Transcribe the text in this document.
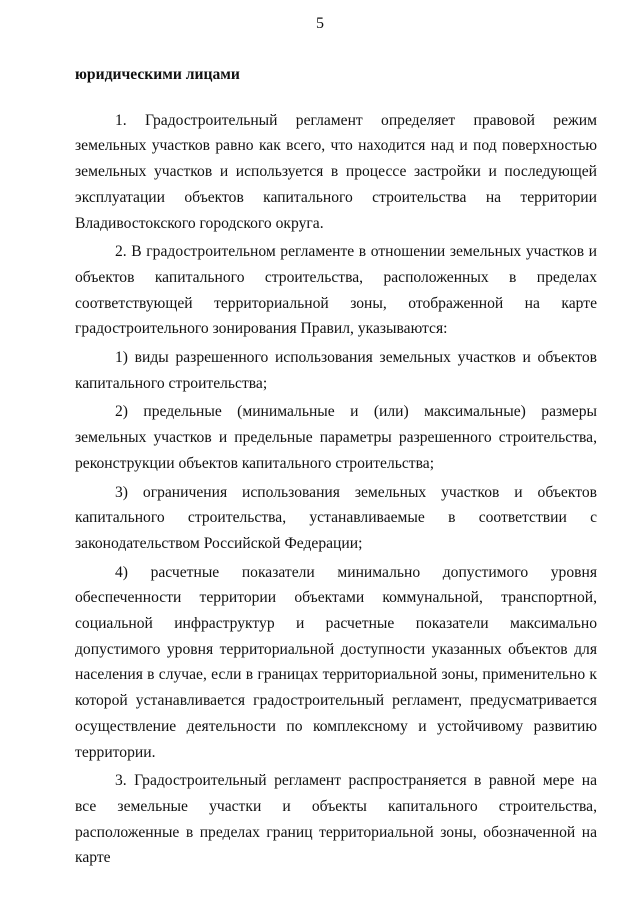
5

юридическими лицами

1. Градостроительный регламент определяет правовой режим земельных участков равно как всего, что находится над и под поверхностью земельных участков и используется в процессе застройки и последующей эксплуатации объектов капитального строительства на территории Владивостокского городского округа.

2. В градостроительном регламенте в отношении земельных участков и объектов капитального строительства, расположенных в пределах соответствующей территориальной зоны, отображенной на карте градостроительного зонирования Правил, указываются:

1) виды разрешенного использования земельных участков и объектов капитального строительства;

2) предельные (минимальные и (или) максимальные) размеры земельных участков и предельные параметры разрешенного строительства, реконструкции объектов капитального строительства;

3) ограничения использования земельных участков и объектов капитального строительства, устанавливаемые в соответствии с законодательством Российской Федерации;

4) расчетные показатели минимально допустимого уровня обеспеченности территории объектами коммунальной, транспортной, социальной инфраструктур и расчетные показатели максимально допустимого уровня территориальной доступности указанных объектов для населения в случае, если в границах территориальной зоны, применительно к которой устанавливается градостроительный регламент, предусматривается осуществление деятельности по комплексному и устойчивому развитию территории.

3. Градостроительный регламент распространяется в равной мере на все земельные участки и объекты капитального строительства, расположенные в пределах границ территориальной зоны, обозначенной на карте
